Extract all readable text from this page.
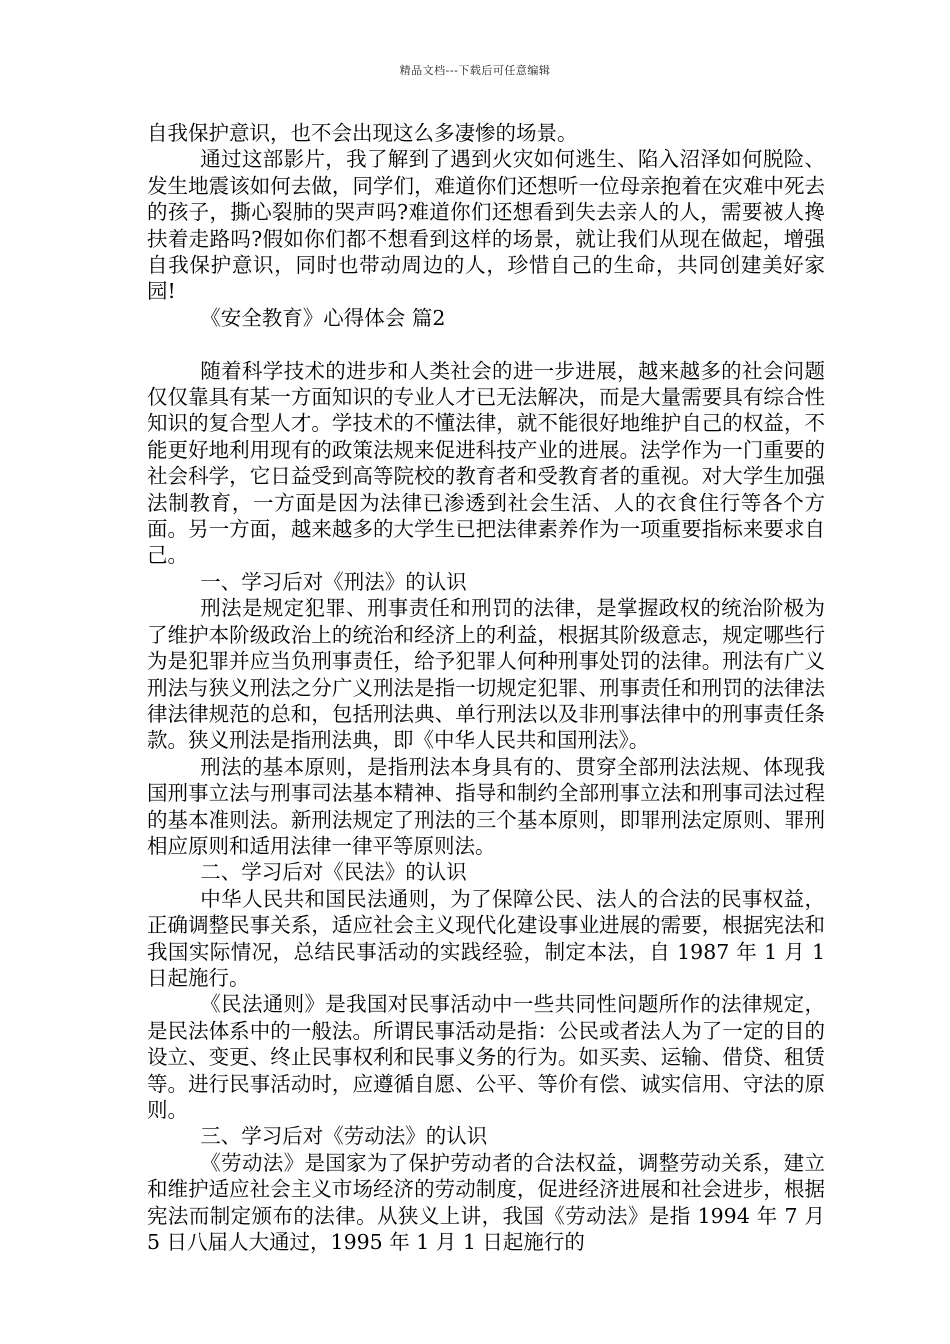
精品文档---下载后可任意编辑

自我保护意识，也不会出现这么多凄惨的场景。

通过这部影片，我了解到了遇到火灾如何逃生、陷入沼泽如何脱险、发生地震该如何去做，同学们，难道你们还想听一位母亲抱着在灾难中死去的孩子，撕心裂肺的哭声吗?难道你们还想看到失去亲人的人，需要被人搀扶着走路吗?假如你们都不想看到这样的场景，就让我们从现在做起，增强自我保护意识，同时也带动周边的人，珍惜自己的生命，共同创建美好家园!

《安全教育》心得体会 篇2

随着科学技术的进步和人类社会的进一步进展，越来越多的社会问题仅仅靠具有某一方面知识的专业人才已无法解决，而是大量需要具有综合性知识的复合型人才。学技术的不懂法律，就不能很好地维护自己的权益，不能更好地利用现有的政策法规来促进科技产业的进展。法学作为一门重要的社会科学，它日益受到高等院校的教育者和受教育者的重视。对大学生加强法制教育，一方面是因为法律已渗透到社会生活、人的衣食住行等各个方面。另一方面，越来越多的大学生已把法律素养作为一项重要指标来要求自己。

一、学习后对《刑法》的认识

刑法是规定犯罪、刑事责任和刑罚的法律，是掌握政权的统治阶极为了维护本阶级政治上的统治和经济上的利益，根据其阶级意志，规定哪些行为是犯罪并应当负刑事责任，给予犯罪人何种刑事处罚的法律。刑法有广义刑法与狭义刑法之分广义刑法是指一切规定犯罪、刑事责任和刑罚的法律法律法律规范的总和，包括刑法典、单行刑法以及非刑事法律中的刑事责任条款。狭义刑法是指刑法典，即《中华人民共和国刑法》。

刑法的基本原则，是指刑法本身具有的、贯穿全部刑法法规、体现我国刑事立法与刑事司法基本精神、指导和制约全部刑事立法和刑事司法过程的基本准则法。新刑法规定了刑法的三个基本原则，即罪刑法定原则、罪刑相应原则和适用法律一律平等原则法。

二、学习后对《民法》的认识

中华人民共和国民法通则，为了保障公民、法人的合法的民事权益，正确调整民事关系，适应社会主义现代化建设事业进展的需要，根据宪法和我国实际情况，总结民事活动的实践经验，制定本法，自 1987 年 1 月 1 日起施行。

《民法通则》是我国对民事活动中一些共同性问题所作的法律规定，是民法体系中的一般法。所谓民事活动是指：公民或者法人为了一定的目的设立、变更、终止民事权利和民事义务的行为。如买卖、运输、借贷、租赁等。进行民事活动时，应遵循自愿、公平、等价有偿、诚实信用、守法的原则。

三、学习后对《劳动法》的认识

《劳动法》是国家为了保护劳动者的合法权益，调整劳动关系，建立和维护适应社会主义市场经济的劳动制度，促进经济进展和社会进步，根据宪法而制定颁布的法律。从狭义上讲，我国《劳动法》是指 1994 年 7 月 5 日八届人大通过，1995 年 1 月 1 日起施行的
